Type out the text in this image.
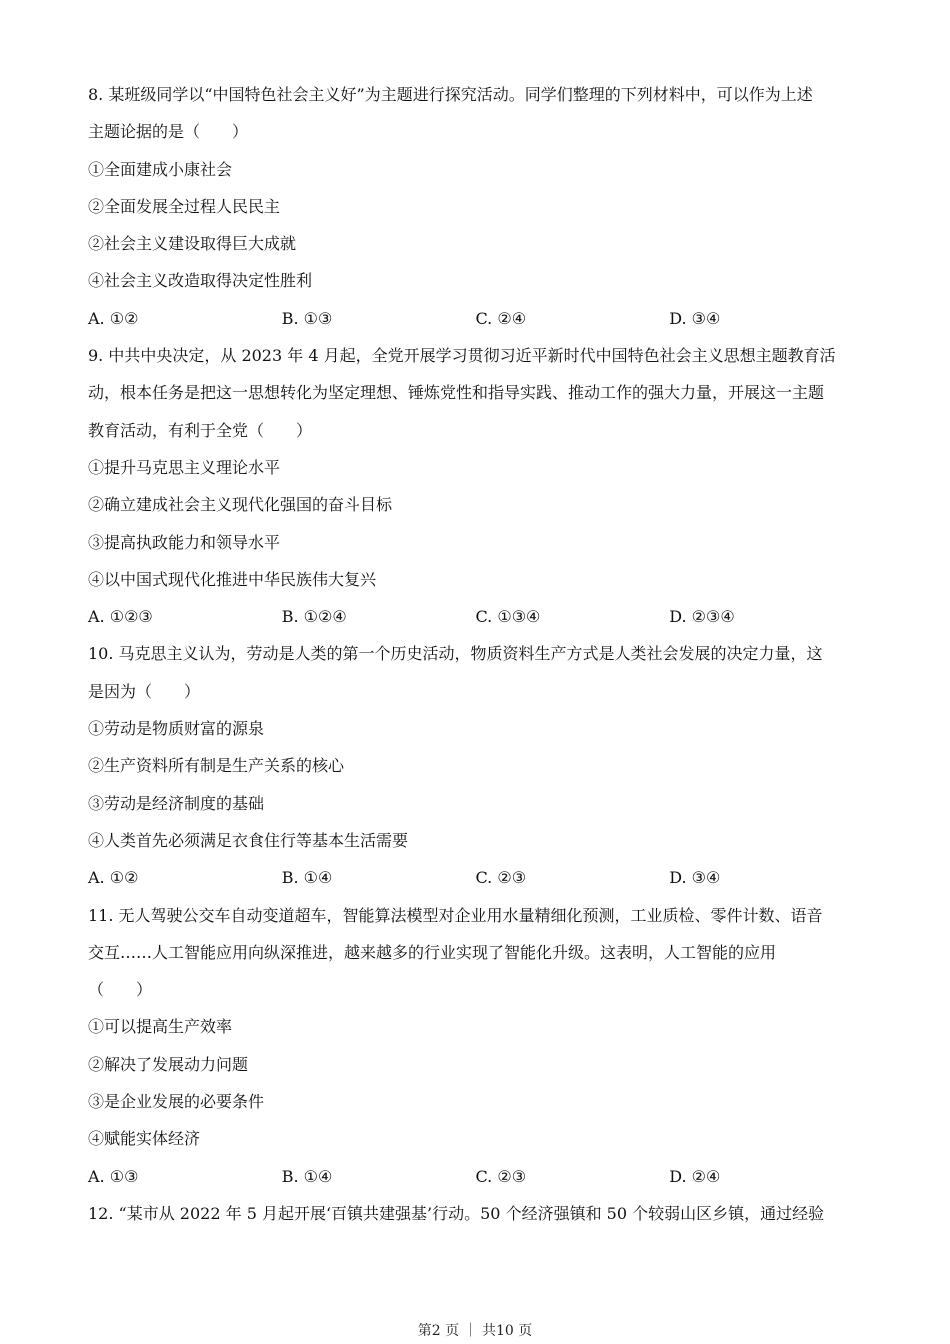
8. 某班级同学以“中国特色社会主义好”为主题进行探究活动。同学们整理的下列材料中，可以作为上述
主题论据的是（　　）
①全面建成小康社会
②全面发展全过程人民民主
②社会主义建设取得巨大成就
④社会主义改造取得决定性胜利
A. ①②	B. ①③	C. ②④	D. ③④
9. 中共中央决定，从 2023 年 4 月起，全党开展学习贯彻习近平新时代中国特色社会主义思想主题教育活
动，根本任务是把这一思想转化为坚定理想、锤炼党性和指导实践、推动工作的强大力量，开展这一主题
教育活动，有利于全党（　　）
①提升马克思主义理论水平
②确立建成社会主义现代化强国的奋斗目标
③提高执政能力和领导水平
④以中国式现代化推进中华民族伟大复兴
A. ①②③	B. ①②④	C. ①③④	D. ②③④
10. 马克思主义认为，劳动是人类的第一个历史活动，物质资料生产方式是人类社会发展的决定力量，这
是因为（　　）
①劳动是物质财富的源泉
②生产资料所有制是生产关系的核心
③劳动是经济制度的基础
④人类首先必须满足衣食住行等基本生活需要
A. ①②	B. ①④	C. ②③	D. ③④
11. 无人驾驶公交车自动变道超车，智能算法模型对企业用水量精细化预测，工业质检、零件计数、语音
交互……人工智能应用向纵深推进，越来越多的行业实现了智能化升级。这表明，人工智能的应用
（　　）
①可以提高生产效率
②解决了发展动力问题
③是企业发展的必要条件
④赋能实体经济
A. ①③	B. ①④	C. ②③	D. ②④
12. “某市从 2022 年 5 月起开展‘百镇共建强基’行动。50 个经济强镇和 50 个较弱山区乡镇，通过经验
第2 页 ｜ 共10 页
